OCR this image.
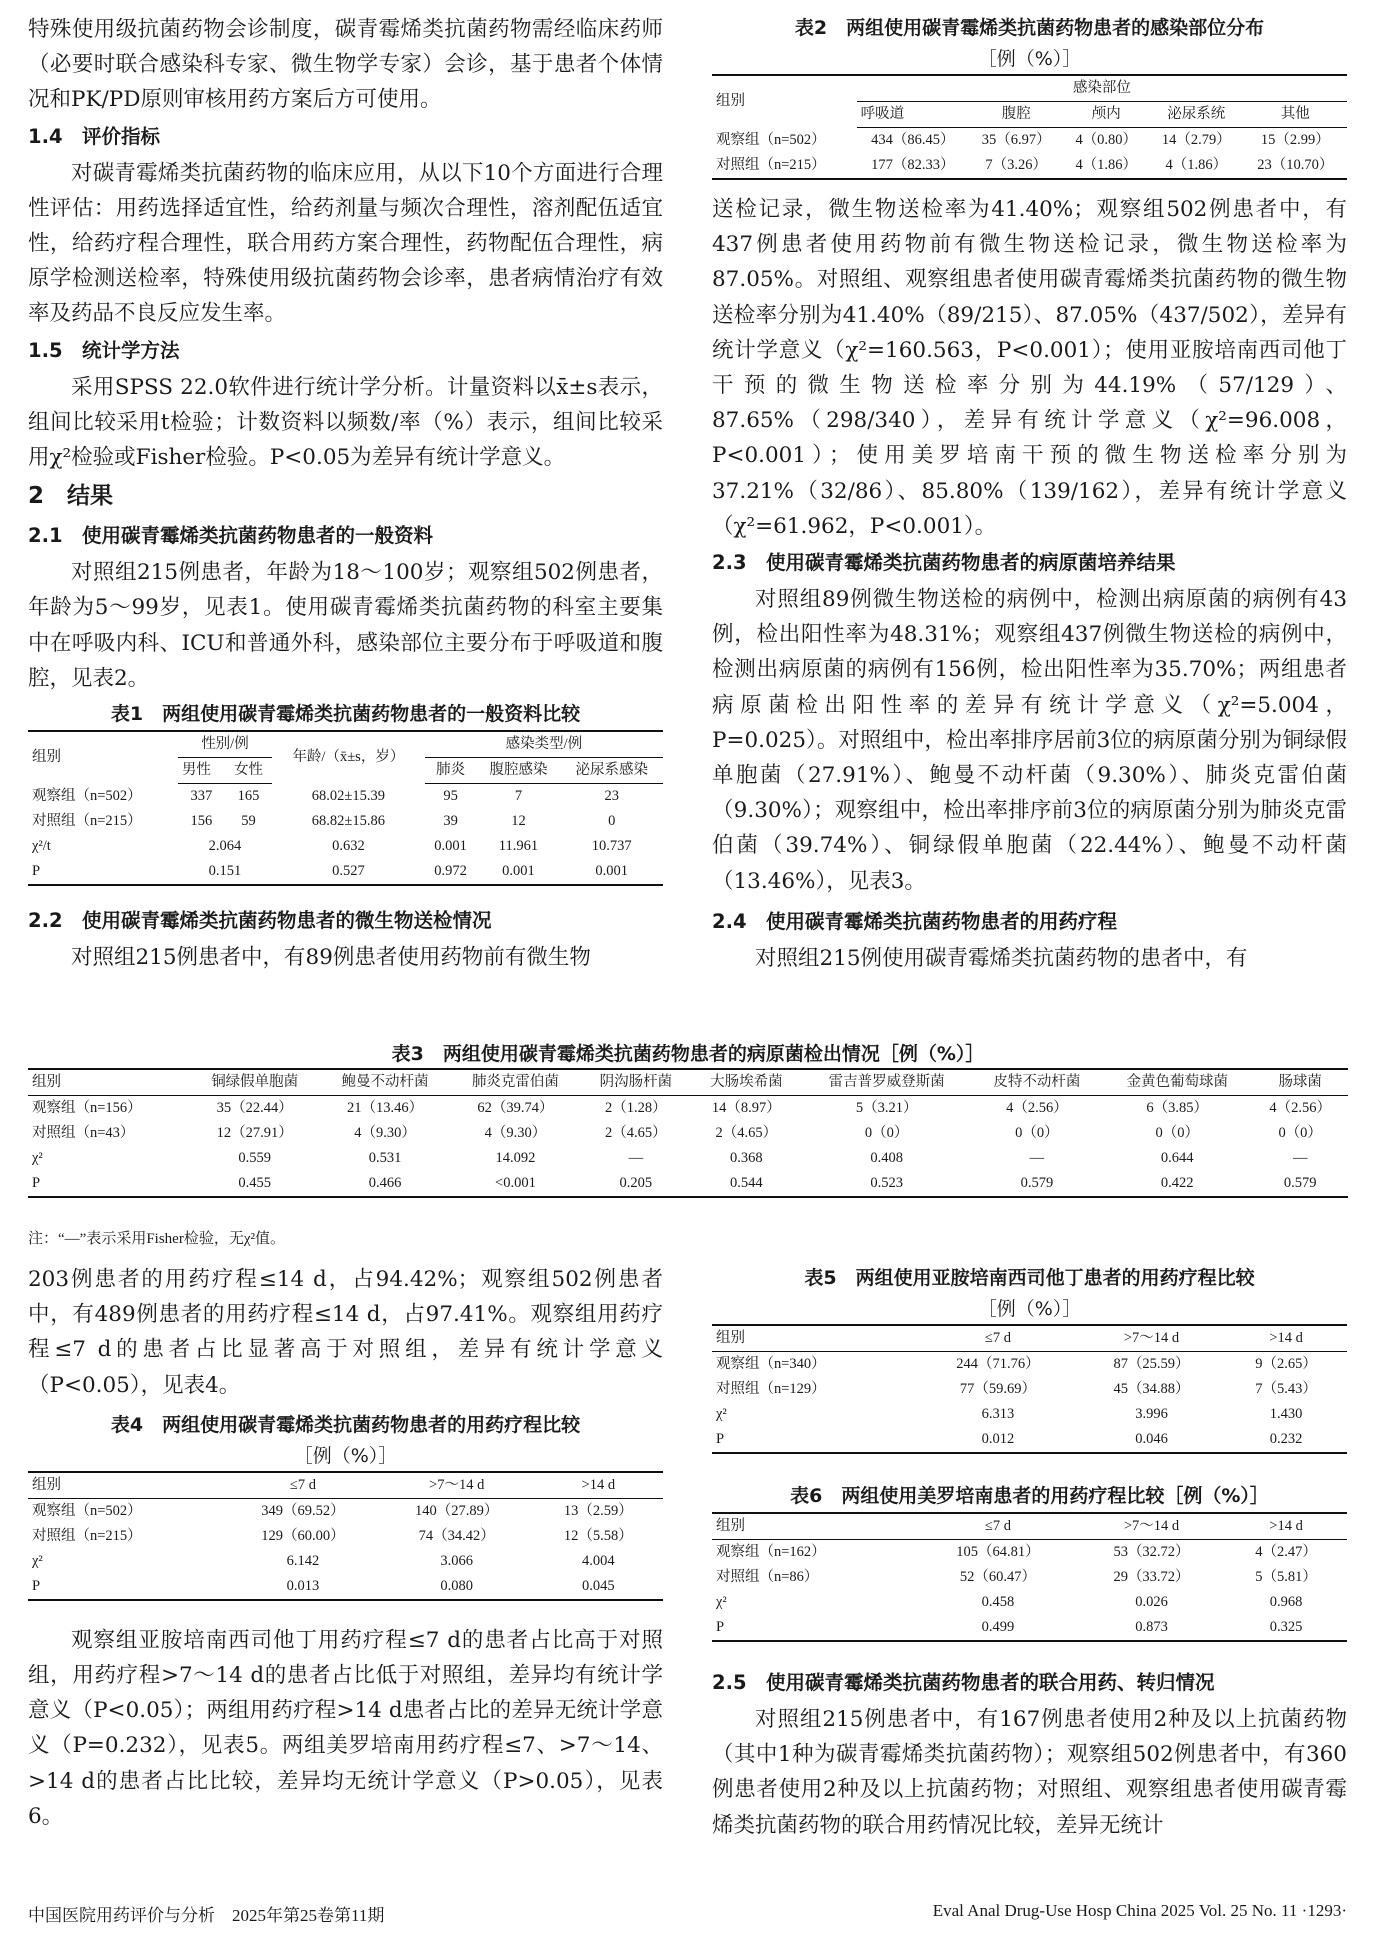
特殊使用级抗菌药物会诊制度，碳青霉烯类抗菌药物需经临床药师（必要时联合感染科专家、微生物学专家）会诊，基于患者个体情况和PK/PD原则审核用药方案后方可使用。

1.4　评价指标

对碳青霉烯类抗菌药物的临床应用，从以下10个方面进行合理性评估：用药选择适宜性，给药剂量与频次合理性，溶剂配伍适宜性，给药疗程合理性，联合用药方案合理性，药物配伍合理性，病原学检测送检率，特殊使用级抗菌药物会诊率，患者病情治疗有效率及药品不良反应发生率。

1.5　统计学方法

采用SPSS 22.0软件进行统计学分析。计量资料以x̄±s表示，组间比较采用t检验；计数资料以频数/率（%）表示，组间比较采用χ²检验或Fisher检验。P<0.05为差异有统计学意义。

2　结果
2.1　使用碳青霉烯类抗菌药物患者的一般资料

对照组215例患者，年龄为18～100岁；观察组502例患者，年龄为5～99岁，见表1。使用碳青霉烯类抗菌药物的科室主要集中在呼吸内科、ICU和普通外科，感染部位主要分布于呼吸道和腹腔，见表2。

表1　两组使用碳青霉烯类抗菌药物患者的一般资料比较
组别	性别/例		年龄/（x̄±s，岁）	感染类型/例		
	男性	女性		肺炎	腹腔感染	泌尿系感染
观察组（n=502）	337	165	68.02±15.39	95	7	23
对照组（n=215）	156	59	68.82±15.86	39	12	0
χ²/t	2.064		0.632	0.001	11.961	10.737
P	0.151		0.527	0.972	0.001	0.001
2.2　使用碳青霉烯类抗菌药物患者的微生物送检情况

对照组215例患者中，有89例患者使用药物前有微生物

表2　两组使用碳青霉烯类抗菌药物患者的感染部位分布
［例（%）］
组别	感染部位				
	呼吸道	腹腔	颅内	泌尿系统	其他
观察组（n=502）	434（86.45）	35（6.97）	4（0.80）	14（2.79）	15（2.99）
对照组（n=215）	177（82.33）	7（3.26）	4（1.86）	4（1.86）	23（10.70）

送检记录，微生物送检率为41.40%；观察组502例患者中，有437例患者使用药物前有微生物送检记录，微生物送检率为87.05%。对照组、观察组患者使用碳青霉烯类抗菌药物的微生物送检率分别为41.40%（89/215）、87.05%（437/502），差异有统计学意义（χ²=160.563，P<0.001）；使用亚胺培南西司他丁干预的微生物送检率分别为44.19%（57/129）、87.65%（298/340），差异有统计学意义（χ²=96.008，P<0.001）；使用美罗培南干预的微生物送检率分别为37.21%（32/86）、85.80%（139/162），差异有统计学意义（χ²=61.962，P<0.001）。

2.3　使用碳青霉烯类抗菌药物患者的病原菌培养结果

对照组89例微生物送检的病例中，检测出病原菌的病例有43例，检出阳性率为48.31%；观察组437例微生物送检的病例中，检测出病原菌的病例有156例，检出阳性率为35.70%；两组患者病原菌检出阳性率的差异有统计学意义（χ²=5.004，P=0.025）。对照组中，检出率排序居前3位的病原菌分别为铜绿假单胞菌（27.91%）、鲍曼不动杆菌（9.30%）、肺炎克雷伯菌（9.30%）；观察组中，检出率排序前3位的病原菌分别为肺炎克雷伯菌（39.74%）、铜绿假单胞菌（22.44%）、鲍曼不动杆菌（13.46%），见表3。

2.4　使用碳青霉烯类抗菌药物患者的用药疗程

对照组215例使用碳青霉烯类抗菌药物的患者中，有

表3　两组使用碳青霉烯类抗菌药物患者的病原菌检出情况［例（%）］
组别	铜绿假单胞菌	鲍曼不动杆菌	肺炎克雷伯菌	阴沟肠杆菌	大肠埃希菌	雷吉普罗威登斯菌	皮特不动杆菌	金黄色葡萄球菌	肠球菌
观察组（n=156）	35（22.44）	21（13.46）	62（39.74）	2（1.28）	14（8.97）	5（3.21）	4（2.56）	6（3.85）	4（2.56）
对照组（n=43）	12（27.91）	4（9.30）	4（9.30）	2（4.65）	2（4.65）	0（0）	0（0）	0（0）	0（0）
χ²	0.559	0.531	14.092	—	0.368	0.408	—	0.644	—
P	0.455	0.466	<0.001	0.205	0.544	0.523	0.579	0.422	0.579
注：“—”表示采用Fisher检验，无χ²值。

203例患者的用药疗程≤14 d，占94.42%；观察组502例患者中，有489例患者的用药疗程≤14 d，占97.41%。观察组用药疗程≤7 d的患者占比显著高于对照组，差异有统计学意义（P<0.05），见表4。

表4　两组使用碳青霉烯类抗菌药物患者的用药疗程比较
［例（%）］
组别	≤7 d	>7～14 d	>14 d
观察组（n=502）	349（69.52）	140（27.89）	13（2.59）
对照组（n=215）	129（60.00）	74（34.42）	12（5.58）
χ²	6.142	3.066	4.004
P	0.013	0.080	0.045

观察组亚胺培南西司他丁用药疗程≤7 d的患者占比高于对照组，用药疗程>7～14 d的患者占比低于对照组，差异均有统计学意义（P<0.05）；两组用药疗程>14 d患者占比的差异无统计学意义（P=0.232），见表5。两组美罗培南用药疗程≤7、>7～14、>14 d的患者占比比较，差异均无统计学意义（P>0.05），见表6。

表5　两组使用亚胺培南西司他丁患者的用药疗程比较
［例（%）］
组别	≤7 d	>7～14 d	>14 d
观察组（n=340）	244（71.76）	87（25.59）	9（2.65）
对照组（n=129）	77（59.69）	45（34.88）	7（5.43）
χ²	6.313	3.996	1.430
P	0.012	0.046	0.232
表6　两组使用美罗培南患者的用药疗程比较［例（%）］
组别	≤7 d	>7～14 d	>14 d
观察组（n=162）	105（64.81）	53（32.72）	4（2.47）
对照组（n=86）	52（60.47）	29（33.72）	5（5.81）
χ²	0.458	0.026	0.968
P	0.499	0.873	0.325
2.5　使用碳青霉烯类抗菌药物患者的联合用药、转归情况

对照组215例患者中，有167例患者使用2种及以上抗菌药物（其中1种为碳青霉烯类抗菌药物）；观察组502例患者中，有360例患者使用2种及以上抗菌药物；对照组、观察组患者使用碳青霉烯类抗菌药物的联合用药情况比较，差异无统计

中国医院用药评价与分析　2025年第25卷第11期	Eval Anal Drug-Use Hosp China 2025 Vol. 25 No. 11 ·1293·
